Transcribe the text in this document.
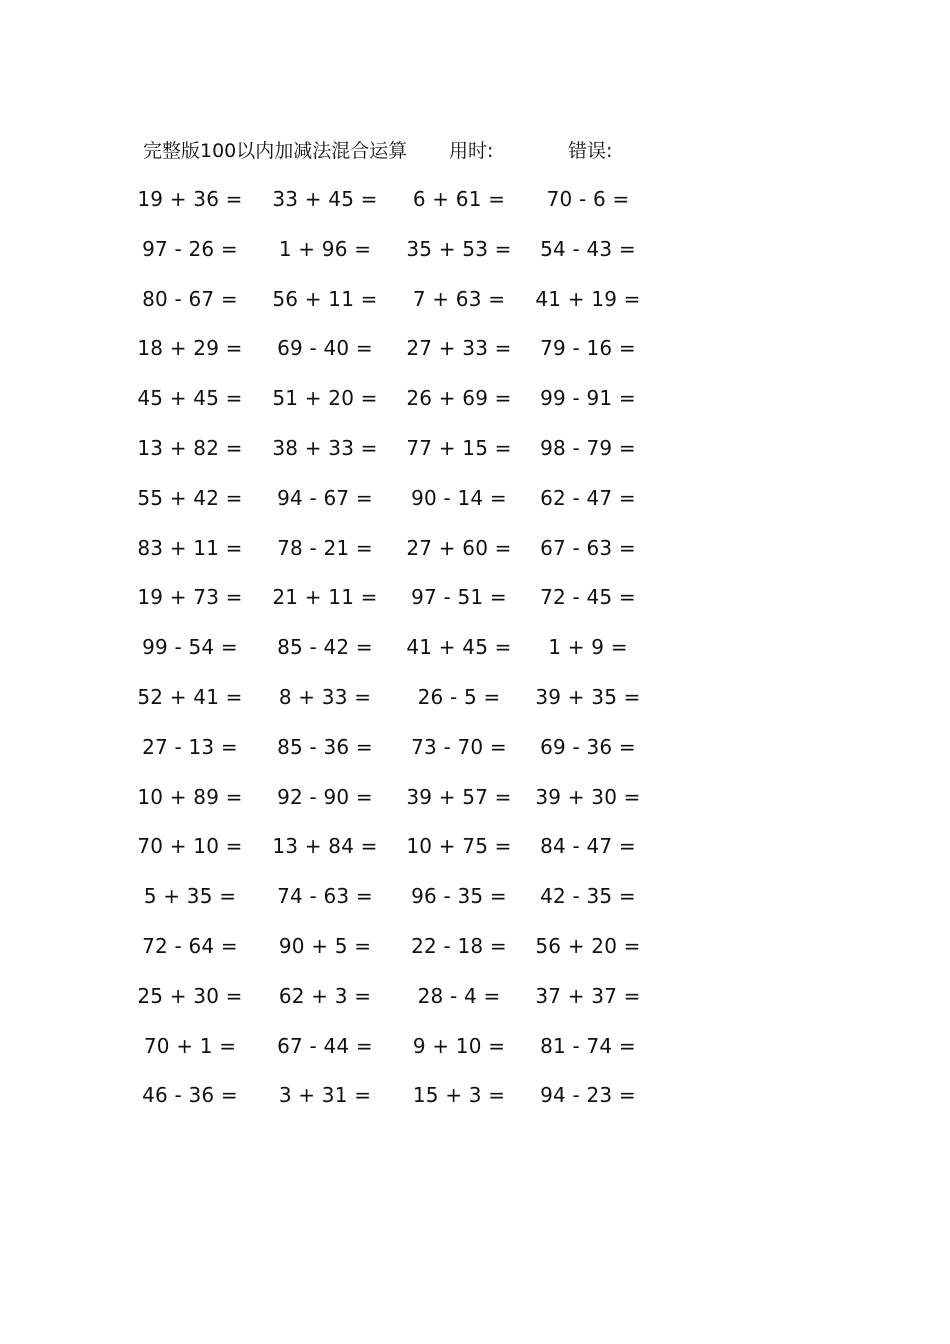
完整版100以内加减法混合运算 用时:	错误:
19 + 36 =	33 + 45 =	6 + 61 =	70 - 6 =
97 - 26 =	1 + 96 =	35 + 53 =	54 - 43 =
80 - 67 =	56 + 11 =	7 + 63 =	41 + 19 =
18 + 29 =	69 - 40 =	27 + 33 =	79 - 16 =
45 + 45 =	51 + 20 =	26 + 69 =	99 - 91 =
13 + 82 =	38 + 33 =	77 + 15 =	98 - 79 =
55 + 42 =	94 - 67 =	90 - 14 =	62 - 47 =
83 + 11 =	78 - 21 =	27 + 60 =	67 - 63 =
19 + 73 =	21 + 11 =	97 - 51 =	72 - 45 =
99 - 54 =	85 - 42 =	41 + 45 =	1 + 9 =
52 + 41 =	8 + 33 =	26 - 5 =	39 + 35 =
27 - 13 =	85 - 36 =	73 - 70 =	69 - 36 =
10 + 89 =	92 - 90 =	39 + 57 =	39 + 30 =
70 + 10 =	13 + 84 =	10 + 75 =	84 - 47 =
5 + 35 =	74 - 63 =	96 - 35 =	42 - 35 =
72 - 64 =	90 + 5 =	22 - 18 =	56 + 20 =
25 + 30 =	62 + 3 =	28 - 4 =	37 + 37 =
70 + 1 =	67 - 44 =	9 + 10 =	81 - 74 =
46 - 36 =	3 + 31 =	15 + 3 =	94 - 23 =
